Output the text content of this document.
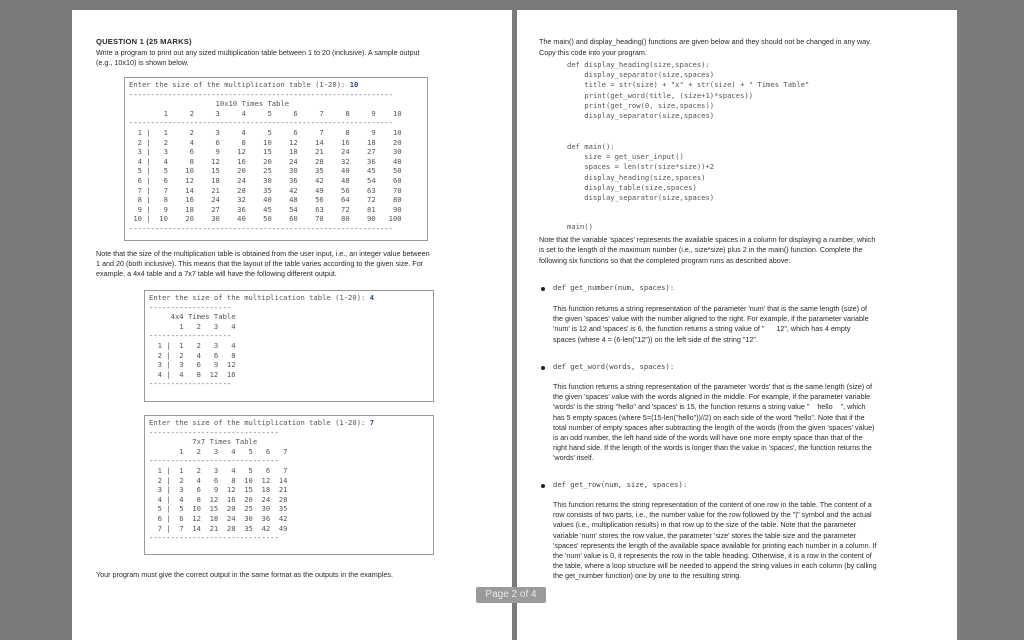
QUESTION 1 (25 MARKS)
Write a program to print out any sized multiplication table between 1 to 20 (inclusive). A sample output
(e.g., 10x10) is shown below.
Enter the size of the multiplication table (1-20): 10

-------------------------------------------------------------
10x10 Times Table
1     2     3     4     5     6     7     8     9    10
-------------------------------------------------------------
1 |   1     2     3     4     5     6     7     8     9    10
2 |   2     4     6     8    10    12    14    16    18    20
3 |   3     6     9    12    15    18    21    24    27    30
4 |   4     8    12    16    20    24    28    32    36    40
5 |   5    10    15    20    25    30    35    40    45    50
6 |   6    12    18    24    30    36    42    48    54    60
7 |   7    14    21    28    35    42    49    56    63    70
8 |   8    16    24    32    40    48    56    64    72    80
9 |   9    18    27    36    45    54    63    72    81    90
10 |  10    20    30    40    50    60    70    80    90   100
-------------------------------------------------------------
Note that the size of the multiplication table is obtained from the user input, i.e., an integer value between
1 and 20 (both inclusive). This means that the layout of the table varies according to the given size. For
example, a 4x4 table and a 7x7 table will have the following different output.
Enter the size of the multiplication table (1-20): 4

-------------------
4x4 Times Table
1   2   3   4
-------------------
1 |  1   2   3   4
2 |  2   4   6   8
3 |  3   6   9  12
4 |  4   8  12  16
-------------------
Enter the size of the multiplication table (1-20): 7

------------------------------
7x7 Times Table
1   2   3   4   5   6   7
------------------------------
1 |  1   2   3   4   5   6   7
2 |  2   4   6   8  10  12  14
3 |  3   6   9  12  15  18  21
4 |  4   8  12  16  20  24  28
5 |  5  10  15  20  25  30  35
6 |  6  12  18  24  30  36  42
7 |  7  14  21  28  35  42  49
------------------------------
Your program must give the correct output in the same format as the outputs in the examples.
The main() and display_heading() functions are given below and they should not be changed in any way.
Copy this code into your program.
def display_heading(size,spaces):
display_separator(size,spaces)
title = str(size) + "x" + str(size) + " Times Table"
print(get_word(title, (size+1)*spaces))
print(get_row(0, size,spaces))
display_separator(size,spaces)
def main():
size = get_user_input()
spaces = len(str(size*size))+2
display_heading(size,spaces)
display_table(size,spaces)
display_separator(size,spaces)
main()
Note that the variable 'spaces' represents the available spaces in a column for displaying a number, which
is set to the length of the maximum number (i.e., size*size) plus 2 in the main() function. Complete the
following six functions so that the completed program runs as described above:
def get_number(num, spaces):
This function returns a string representation of the parameter 'num' that is the same length (size) of
the given 'spaces' value with the number aligned to the right. For example, if the parameter variable
'num' is 12 and 'spaces' is 6, the function returns a string value of "      12", which has 4 empty
spaces (where 4 = (6-len("12")) on the left side of the string "12".
def get_word(words, spaces):
This function returns a string representation of the parameter 'words' that is the same length (size) of
the given 'spaces' value with the words aligned in the middle. For example, if the parameter variable
'words' is the string "hello" and 'spaces' is 15, the function returns a string value "    hello    ", which
has 5 empty spaces (where 5=(15-len("hello"))//2) on each side of the word "hello". Note that if the
total number of empty spaces after subtracting the length of the words (from the given 'spaces' value)
is an odd number, the left hand side of the words will have one more empty space than that of the
right hand side. If the length of the words is longer than the value in 'spaces', the function returns the
'words' itself.
def get_row(num, size, spaces):
This function returns the string representation of the content of one row in the table. The content of a
row consists of two parts, i.e., the number value for the row followed by the "|" symbol and the actual
values (i.e., multiplication results) in that row up to the size of the table. Note that the parameter
variable 'num' stores the row value, the parameter 'size' stores the table size and the parameter
'spaces' represents the length of the available space available for printing each number in a column. If
the 'num' value is 0, it represents the row in the table heading. Otherwise, it is a row in the content of
the table, where a loop structure will be needed to append the string values in each column (by calling
the get_number function) one by one to the resulting string.
Page 2 of 4
